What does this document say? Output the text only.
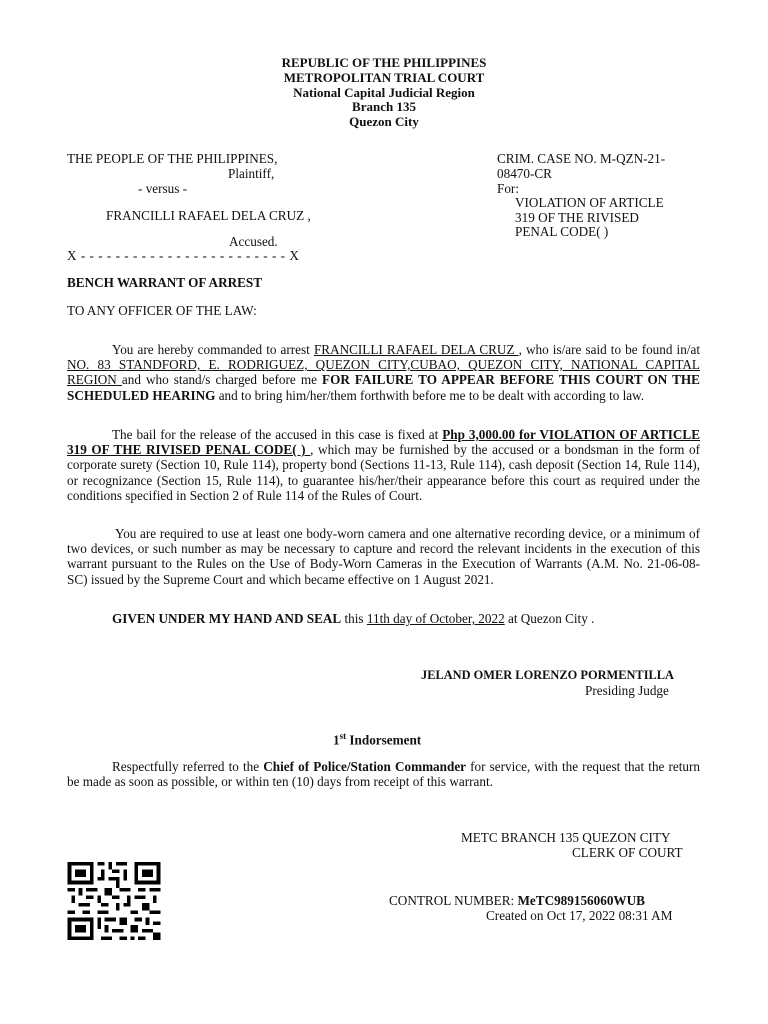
REPUBLIC OF THE PHILIPPINES
METROPOLITAN TRIAL COURT
National Capital Judicial Region
Branch 135
Quezon City
THE PEOPLE OF THE PHILIPPINES,
Plaintiff,
- versus -
FRANCILLI RAFAEL DELA CRUZ ,
Accused.
X - - - - - - - - - - - - - - - - - - - - - - - - X
CRIM. CASE NO. M-QZN-21-
08470-CR
For:
VIOLATION OF ARTICLE
319 OF THE RIVISED
PENAL CODE( )
BENCH WARRANT OF ARREST
TO ANY OFFICER OF THE LAW:
You are hereby commanded to arrest FRANCILLI RAFAEL DELA CRUZ , who is/are said to be found in/at NO. 83 STANDFORD, E. RODRIGUEZ, QUEZON CITY,CUBAO, QUEZON CITY, NATIONAL CAPITAL REGION and who stand/s charged before me FOR FAILURE TO APPEAR BEFORE THIS COURT ON THE SCHEDULED HEARING and to bring him/her/them forthwith before me to be dealt with according to law.
The bail for the release of the accused in this case is fixed at Php 3,000.00 for VIOLATION OF ARTICLE 319 OF THE RIVISED PENAL CODE( ) , which may be furnished by the accused or a bondsman in the form of corporate surety (Section 10, Rule 114), property bond (Sections 11-13, Rule 114), cash deposit (Section 14, Rule 114), or recognizance (Section 15, Rule 114), to guarantee his/her/their appearance before this court as required under the conditions specified in Section 2 of Rule 114 of the Rules of Court.
You are required to use at least one body-worn camera and one alternative recording device, or a minimum of two devices, or such number as may be necessary to capture and record the relevant incidents in the execution of this warrant pursuant to the Rules on the Use of Body-Worn Cameras in the Execution of Warrants (A.M. No. 21-06-08-SC) issued by the Supreme Court and which became effective on 1 August 2021.
GIVEN UNDER MY HAND AND SEAL this 11th day of October, 2022 at Quezon City .
JELAND OMER LORENZO PORMENTILLA
Presiding Judge
1st Indorsement
Respectfully referred to the Chief of Police/Station Commander for service, with the request that the return be made as soon as possible, or within ten (10) days from receipt of this warrant.
METC BRANCH 135 QUEZON CITY
CLERK OF COURT
CONTROL NUMBER: MeTC989156060WUB
Created on Oct 17, 2022 08:31 AM
